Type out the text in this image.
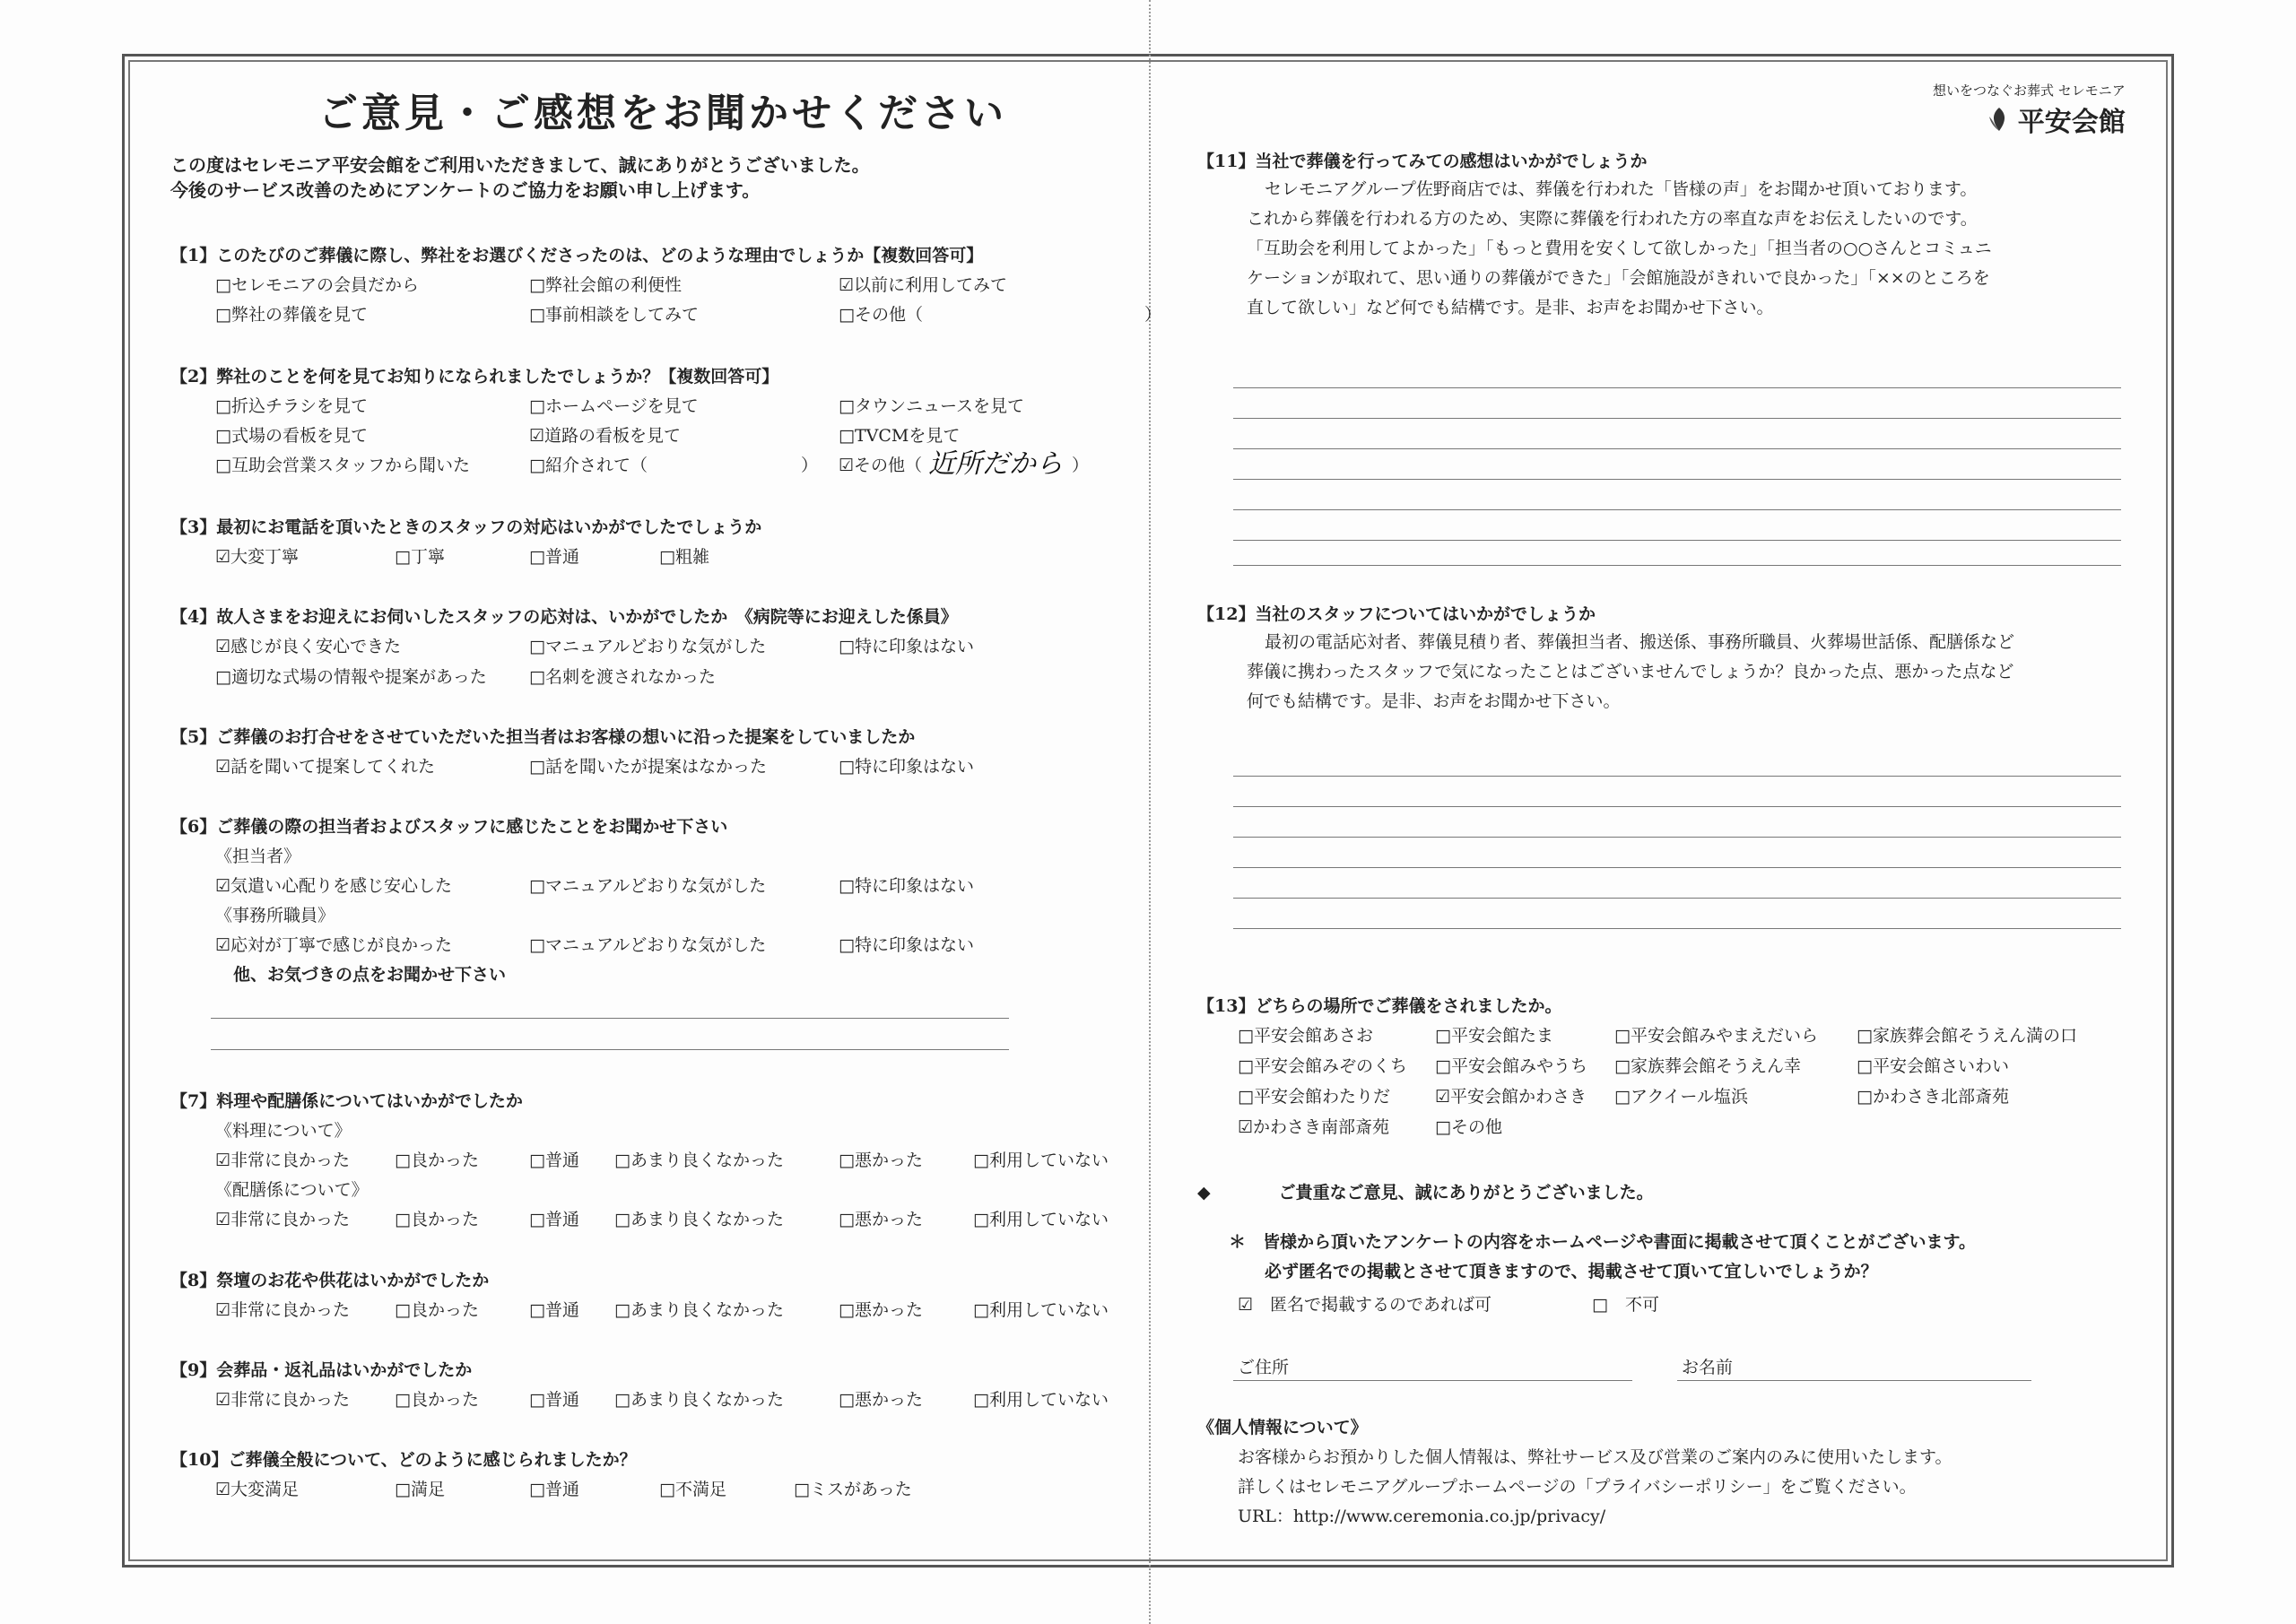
ご意見・ご感想をお聞かせください
この度はセレモニア平安会館をご利用いただきまして、誠にありがとうございました。
今後のサービス改善のためにアンケートのご協力をお願い申し上げます。
【1】このたびのご葬儀に際し、弊社をお選びくださったのは、どのような理由でしょうか【複数回答可】
□セレモニアの会員だから	□弊社会館の利便性	☑以前に利用してみて
□弊社の葬儀を見て	□事前相談をしてみて	□その他（　　　　　　　　　　　　　）
【2】弊社のことを何を見てお知りになられましたでしょうか？【複数回答可】
□折込チラシを見て	□ホームページを見て	□タウンニュースを見て
□式場の看板を見て	☑道路の看板を見て	□TVCMを見て
□互助会営業スタッフから聞いた	□紹介されて（　　　　　　　　　） ☑その他（ 近所だから ）
【3】最初にお電話を頂いたときのスタッフの対応はいかがでしたでしょうか
☑大変丁寧	□丁寧	□普通	□粗雑
【4】故人さまをお迎えにお伺いしたスタッフの応対は、いかがでしたか　《病院等にお迎えした係員》
☑感じが良く安心できた	□マニュアルどおりな気がした	□特に印象はない
□適切な式場の情報や提案があった □名刺を渡されなかった
【5】ご葬儀のお打合せをさせていただいた担当者はお客様の想いに沿った提案をしていましたか
☑話を聞いて提案してくれた	□話を聞いたが提案はなかった	□特に印象はない
【6】ご葬儀の際の担当者およびスタッフに感じたことをお聞かせ下さい
《担当者》
☑気遣い心配りを感じ安心した	□マニュアルどおりな気がした	□特に印象はない
《事務所職員》
☑応対が丁寧で感じが良かった	□マニュアルどおりな気がした	□特に印象はない
他、お気づきの点をお聞かせ下さい
【7】料理や配膳係についてはいかがでしたか
《料理について》
☑非常に良かった	□良かった	□普通 □あまり良くなかった	□悪かった	□利用していない
《配膳係について》
☑非常に良かった	□良かった	□普通 □あまり良くなかった	□悪かった	□利用していない
【8】祭壇のお花や供花はいかがでしたか
☑非常に良かった	□良かった	□普通 □あまり良くなかった	□悪かった	□利用していない
【9】会葬品・返礼品はいかがでしたか
☑非常に良かった	□良かった	□普通 □あまり良くなかった	□悪かった	□利用していない
【10】ご葬儀全般について、どのように感じられましたか？
☑大変満足	□満足	□普通	□不満足	□ミスがあった
想いをつなぐお葬式 セレモニア
平安会館
【11】当社で葬儀を行ってみての感想はいかがでしょうか
セレモニアグループ佐野商店では、葬儀を行われた「皆様の声」をお聞かせ頂いております。
これから葬儀を行われる方のため、実際に葬儀を行われた方の率直な声をお伝えしたいのです。
「互助会を利用してよかった」「もっと費用を安くして欲しかった」「担当者の○○さんとコミュニ
ケーションが取れて、思い通りの葬儀ができた」「会館施設がきれいで良かった」「××のところを
直して欲しい」など何でも結構です。是非、お声をお聞かせ下さい。
【12】当社のスタッフについてはいかがでしょうか
最初の電話応対者、葬儀見積り者、葬儀担当者、搬送係、事務所職員、火葬場世話係、配膳係など
葬儀に携わったスタッフで気になったことはございませんでしょうか？良かった点、悪かった点など
何でも結構です。是非、お声をお聞かせ下さい。
【13】どちらの場所でご葬儀をされましたか。
□平安会館あさお	□平安会館たま	□平安会館みやまえだいら □家族葬会館そうえん満の口
□平安会館みぞのくち □平安会館みやうち □家族葬会館そうえん幸	□平安会館さいわい
□平安会館わたりだ	☑平安会館かわさき □アクイール塩浜	□かわさき北部斎苑
☑かわさき南部斎苑	□その他
◆　　　　ご貴重なご意見、誠にありがとうございました。
＊　皆様から頂いたアンケートの内容をホームページや書面に掲載させて頂くことがございます。
必ず匿名での掲載とさせて頂きますので、掲載させて頂いて宜しいでしょうか？
☑　匿名で掲載するのであれば可	□　不可
ご住所	お名前
《個人情報について》
お客様からお預かりした個人情報は、弊社サービス及び営業のご案内のみに使用いたします。
詳しくはセレモニアグループホームページの「プライバシーポリシー」をご覧ください。
URL：http://www.ceremonia.co.jp/privacy/
